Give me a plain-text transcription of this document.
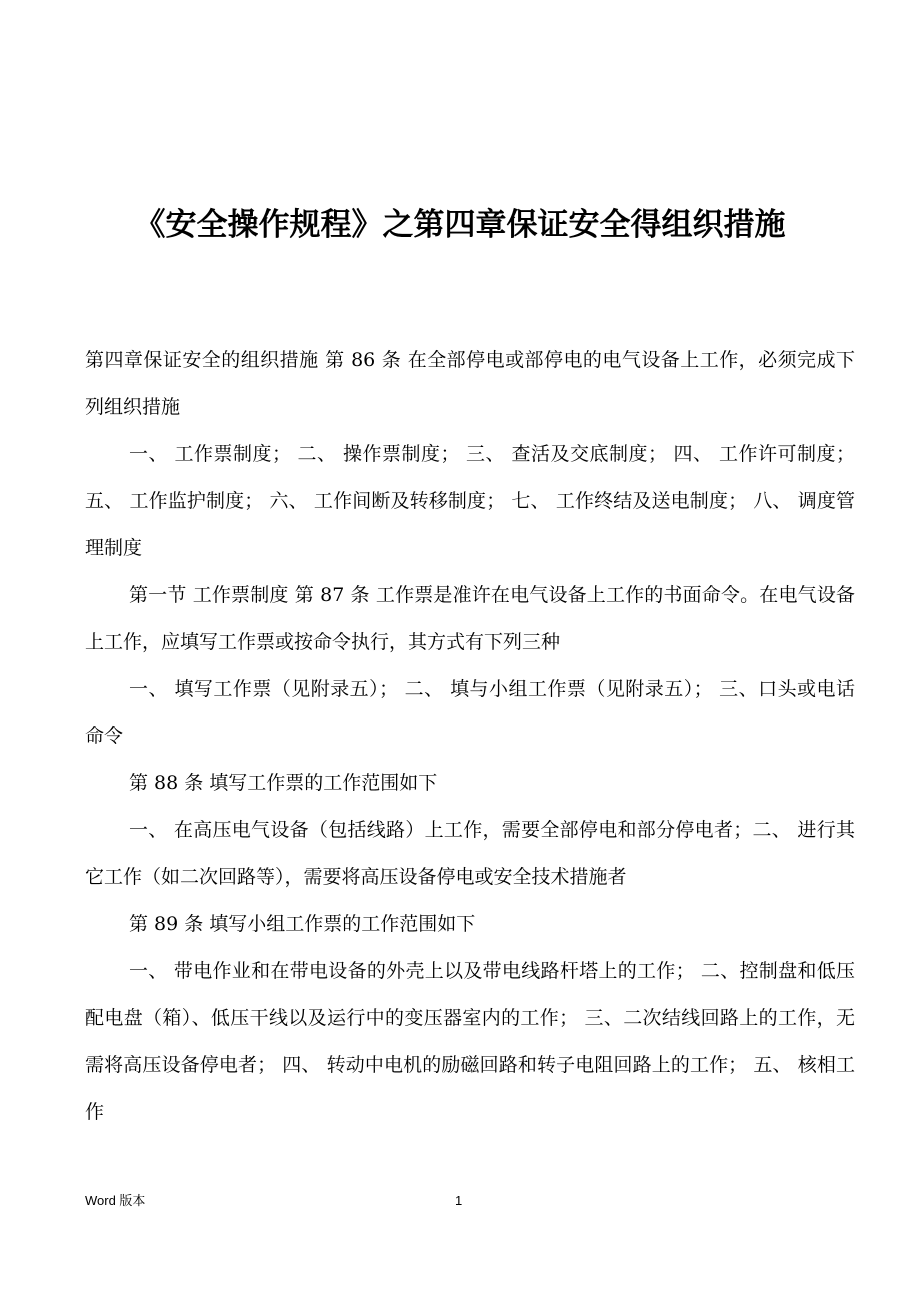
《安全操作规程》之第四章保证安全得组织措施

第四章保证安全的组织措施 第 86 条 在全部停电或部停电的电气设备上工作，必须完成下列组织措施

一、 工作票制度； 二、 操作票制度； 三、 查活及交底制度； 四、 工作许可制度； 五、 工作监护制度； 六、 工作间断及转移制度； 七、 工作终结及送电制度； 八、 调度管理制度

第一节 工作票制度 第 87 条 工作票是准许在电气设备上工作的书面命令。在电气设备上工作，应填写工作票或按命令执行，其方式有下列三种

一、 填写工作票（见附录五）； 二、 填与小组工作票（见附录五）； 三、口头或电话命令

第 88 条 填写工作票的工作范围如下

一、 在高压电气设备（包括线路）上工作，需要全部停电和部分停电者；二、 进行其它工作（如二次回路等），需要将高压设备停电或安全技术措施者

第 89 条 填写小组工作票的工作范围如下

一、 带电作业和在带电设备的外壳上以及带电线路杆塔上的工作； 二、控制盘和低压配电盘（箱）、低压干线以及运行中的变压器室内的工作； 三、二次结线回路上的工作，无需将高压设备停电者； 四、 转动中电机的励磁回路和转子电阻回路上的工作； 五、 核相工作

Word 版本	1
